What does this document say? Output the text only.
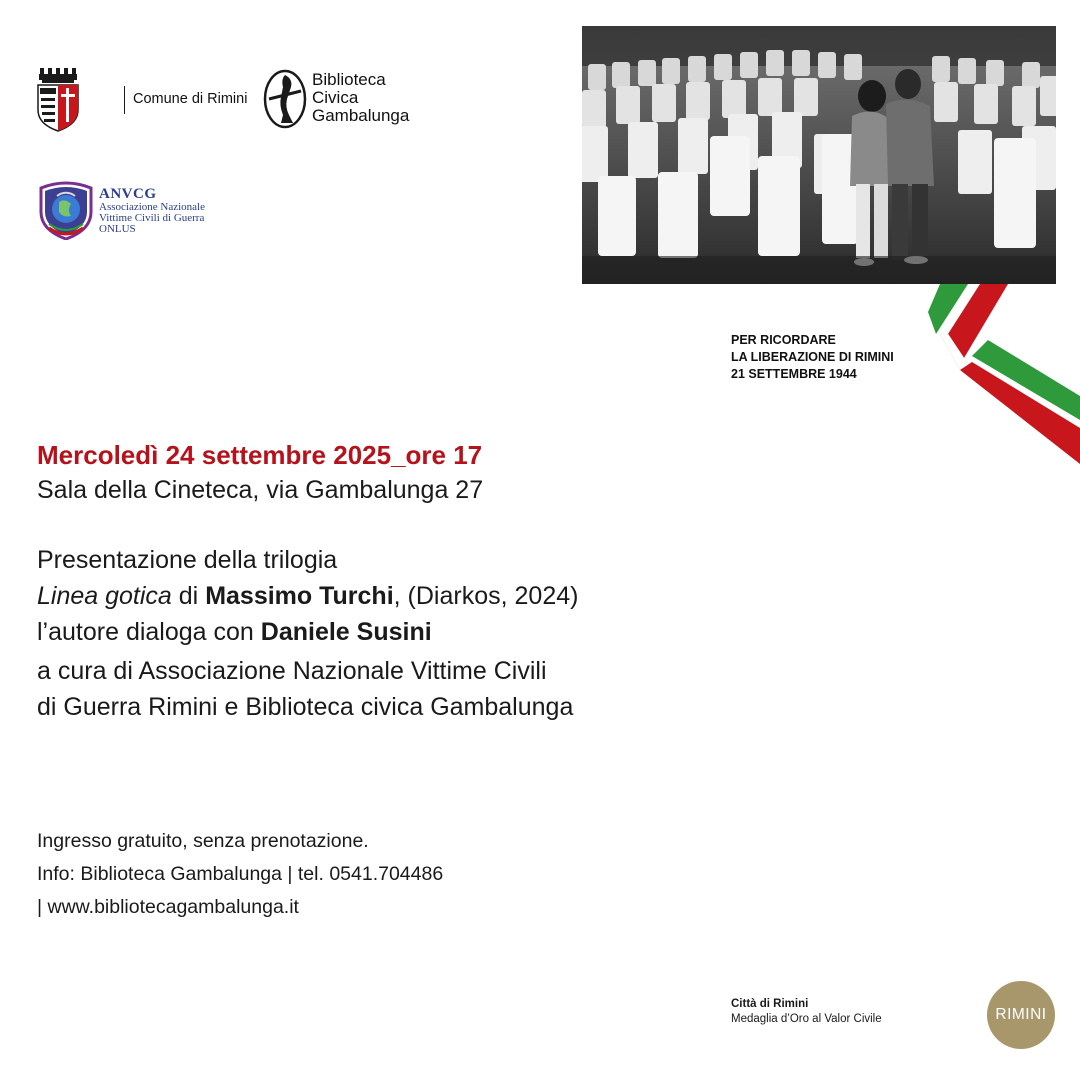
Comune di Rimini
Biblioteca
Civica
Gambalunga
ANVCG
Associazione Nazionale
Vittime Civili di Guerra
ONLUS
PER RICORDARE
LA LIBERAZIONE DI RIMINI
21 SETTEMBRE 1944
Mercoledì 24 settembre 2025_ore 17
Sala della Cineteca, via Gambalunga 27
Presentazione della trilogia
Linea gotica di Massimo Turchi, (Diarkos, 2024)
l’autore dialoga con Daniele Susini
a cura di Associazione Nazionale Vittime Civili
di Guerra Rimini e Biblioteca civica Gambalunga
Ingresso gratuito, senza prenotazione.
Info: Biblioteca Gambalunga | tel. 0541.704486
| www.bibliotecagambalunga.it
Città di Rimini
Medaglia d’Oro al Valor Civile	RIMINI
